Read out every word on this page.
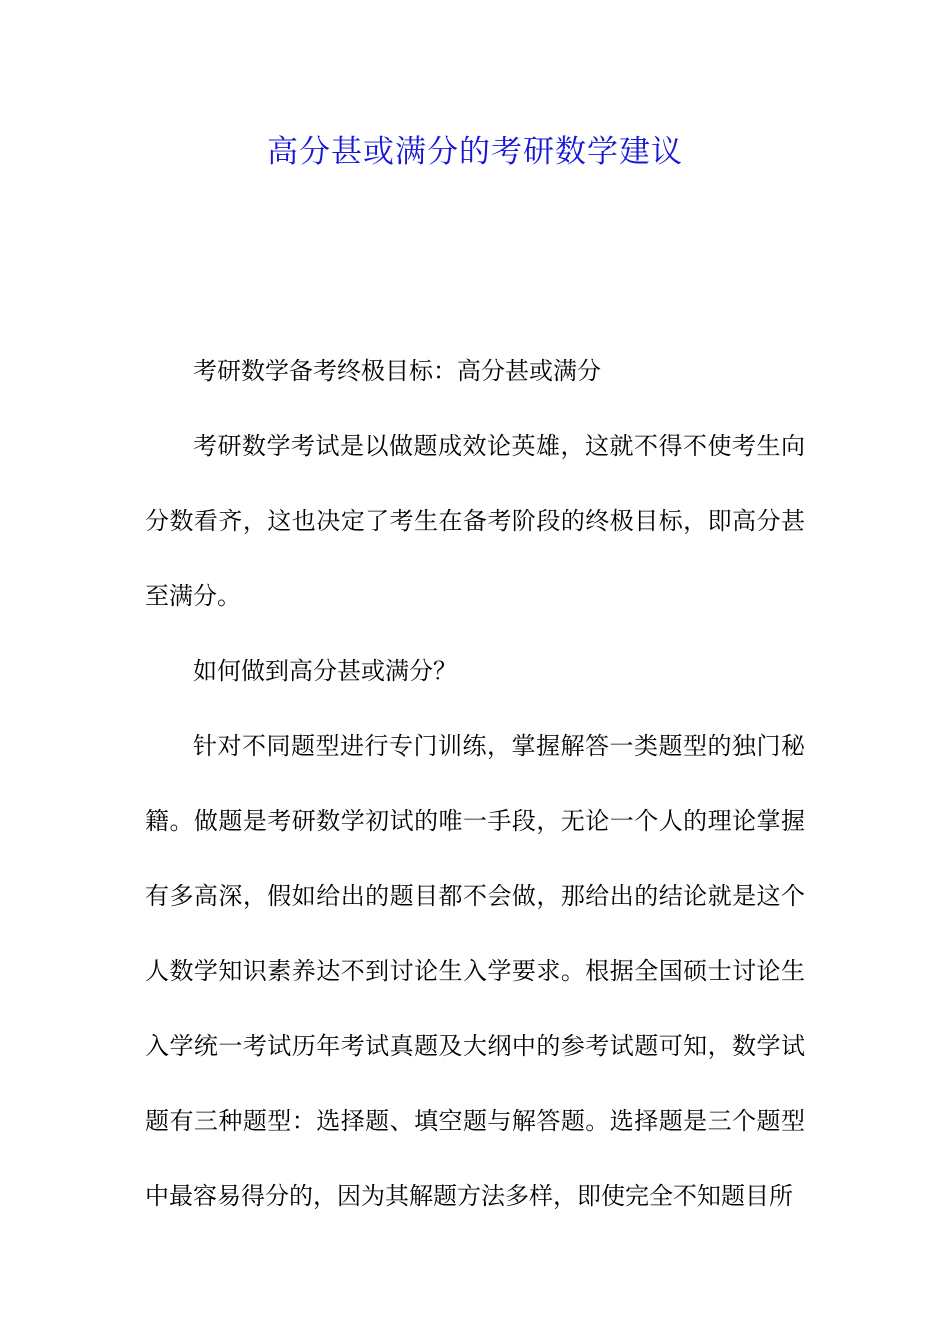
高分甚或满分的考研数学建议

考研数学备考终极目标：高分甚或满分

考研数学考试是以做题成效论英雄，这就不得不使考生向分数看齐，这也决定了考生在备考阶段的终极目标，即高分甚至满分。

如何做到高分甚或满分？

针对不同题型进行专门训练，掌握解答一类题型的独门秘籍。做题是考研数学初试的唯一手段，无论一个人的理论掌握有多高深，假如给出的题目都不会做，那给出的结论就是这个人数学知识素养达不到讨论生入学要求。根据全国硕士讨论生入学统一考试历年考试真题及大纲中的参考试题可知，数学试题有三种题型：选择题、填空题与解答题。选择题是三个题型中最容易得分的，因为其解题方法多样，即使完全不知题目所
